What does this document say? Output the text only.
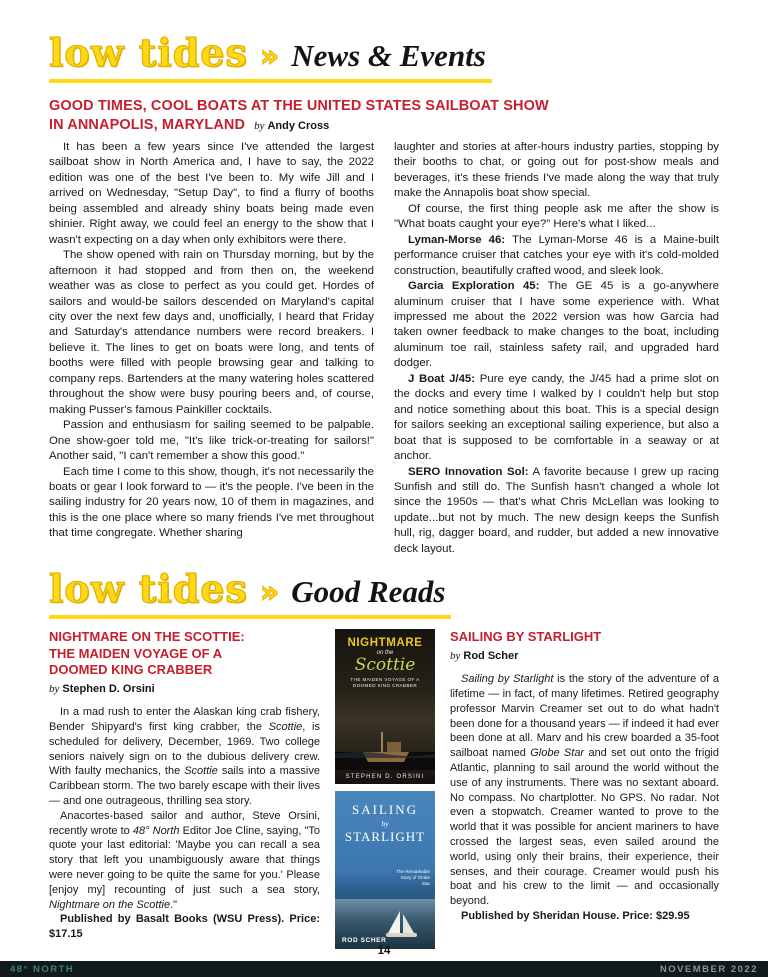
low tides » News & Events
GOOD TIMES, COOL BOATS AT THE UNITED STATES SAILBOAT SHOW
IN ANNAPOLIS, MARYLAND by Andy Cross

It has been a few years since I've attended the largest sailboat show in North America and, I have to say, the 2022 edition was one of the best I've been to. My wife Jill and I arrived on Wednesday, "Setup Day", to find a flurry of booths being assembled and already shiny boats being made even shinier. Right away, we could feel an energy to the show that I wasn't expecting on a day when only exhibitors were there.

The show opened with rain on Thursday morning, but by the afternoon it had stopped and from then on, the weekend weather was as close to perfect as you could get. Hordes of sailors and would-be sailors descended on Maryland's capital city over the next few days and, unofficially, I heard that Friday and Saturday's attendance numbers were record breakers. I believe it. The lines to get on boats were long, and tents of booths were filled with people browsing gear and talking to company reps. Bartenders at the many watering holes scattered throughout the show were busy pouring beers and, of course, making Pusser's famous Painkiller cocktails.

Passion and enthusiasm for sailing seemed to be palpable. One show-goer told me, "It's like trick-or-treating for sailors!" Another said, "I can't remember a show this good."

Each time I come to this show, though, it's not necessarily the boats or gear I look forward to — it's the people. I've been in the sailing industry for 20 years now, 10 of them in magazines, and this is the one place where so many friends I've met throughout that time congregate. Whether sharing

laughter and stories at after-hours industry parties, stopping by their booths to chat, or going out for post-show meals and beverages, it's these friends I've made along the way that truly make the Annapolis boat show special.

Of course, the first thing people ask me after the show is "What boats caught your eye?" Here's what I liked...

Lyman-Morse 46: The Lyman-Morse 46 is a Maine-built performance cruiser that catches your eye with it's cold-molded construction, beautifully crafted wood, and sleek look.

Garcia Exploration 45: The GE 45 is a go-anywhere aluminum cruiser that I have some experience with. What impressed me about the 2022 version was how Garcia had taken owner feedback to make changes to the boat, including aluminum toe rail, stainless safety rail, and upgraded hard dodger.

J Boat J/45: Pure eye candy, the J/45 had a prime slot on the docks and every time I walked by I couldn't help but stop and notice something about this boat. This is a special design for sailors seeking an exceptional sailing experience, but also a boat that is supposed to be comfortable in a seaway or at anchor.

SERO Innovation Sol: A favorite because I grew up racing Sunfish and still do. The Sunfish hasn't changed a whole lot since the 1950s — that's what Chris McLellan was looking to update...but not by much. The new design keeps the Sunfish hull, rig, dagger board, and rudder, but added a new innovative deck layout.

low tides » Good Reads
NIGHTMARE ON THE SCOTTIE:
THE MAIDEN VOYAGE OF A
DOOMED KING CRABBER
by Stephen D. Orsini

In a mad rush to enter the Alaskan king crab fishery, Bender Shipyard's first king crabber, the Scottie, is scheduled for delivery, December, 1969. Two college seniors naively sign on to the dubious delivery crew. With faulty mechanics, the Scottie sails into a massive Caribbean storm. The two barely escape with their lives — and one outrageous, thrilling sea story.

Anacortes-based sailor and author, Steve Orsini, recently wrote to 48° North Editor Joe Cline, saying, "To quote your last editorial: 'Maybe you can recall a sea story that left you unambiguously aware that things were never going to be quite the same for you.' Please [enjoy my] recounting of just such a sea story, Nightmare on the Scottie."

Published by Basalt Books (WSU Press). Price: $17.15

NIGHTMARE
on the
Scottie
THE MAIDEN VOYAGE OF A DOOMED KING CRABBER
STEPHEN D. ORSINI
SAILING
by
STARLIGHT
The Remarkable Story of Globe Star
ROD SCHER
SAILING BY STARLIGHT
by Rod Scher

Sailing by Starlight is the story of the adventure of a lifetime — in fact, of many lifetimes. Retired geography professor Marvin Creamer set out to do what hadn't been done for a thousand years — if indeed it had ever been done at all. Marv and his crew boarded a 35-foot sailboat named Globe Star and set out onto the frigid Atlantic, planning to sail around the world without the use of any instruments. There was no sextant aboard. No compass. No chartplotter. No GPS. No radar. Not even a stopwatch. Creamer wanted to prove to the world that it was possible for ancient mariners to have crossed the largest seas, even sailed around the world, using only their brains, their experience, their senses, and their courage. Creamer would push his boat and his crew to the limit — and occasionally beyond.

Published by Sheridan House. Price: $29.95

14
48° NORTH	NOVEMBER 2022
